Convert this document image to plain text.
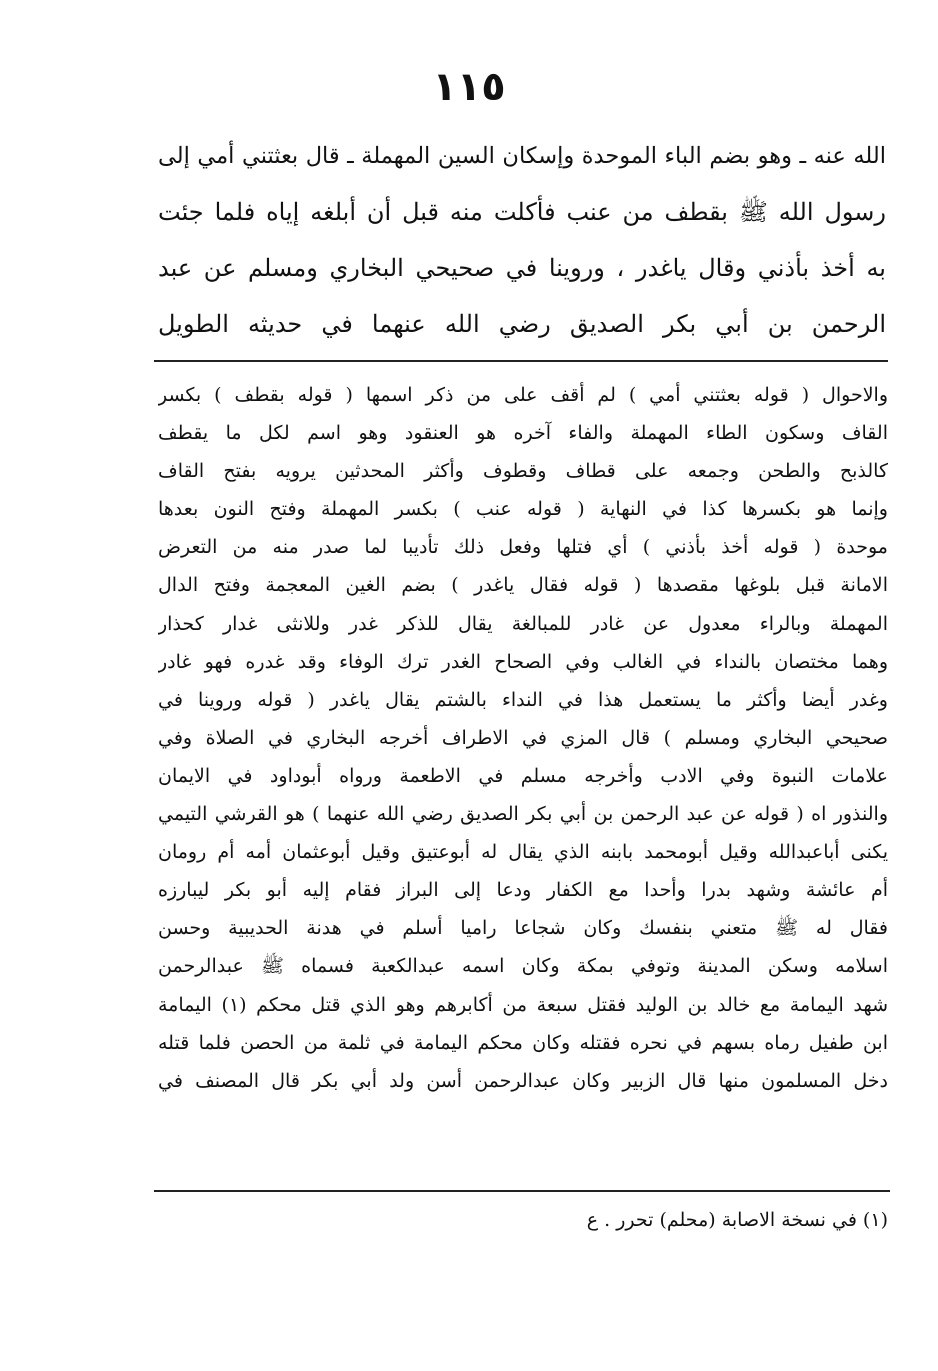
١١٥
الله عنه ـ وهو بضم الباء الموحدة وإسكان السين المهملة ـ قال بعثتني أمي إلى
رسول الله ﷺ بقطف من عنب فأكلت منه قبل أن أبلغه إياه فلما جئت
به أخذ بأذني وقال ياغدر ، وروينا في صحيحي البخاري ومسلم عن عبد
الرحمن بن أبي بكر الصديق رضي الله عنهما في حديثه الطويل
والاحوال ( قوله بعثتني أمي ) لم أقف على من ذكر اسمها ( قوله بقطف ) بكسر
القاف وسكون الطاء المهملة والفاء آخره هو العنقود وهو اسم لكل ما يقطف
كالذبح والطحن وجمعه على قطاف وقطوف وأكثر المحدثين يرويه بفتح القاف
وإنما هو بكسرها كذا في النهاية ( قوله عنب ) بكسر المهملة وفتح النون بعدها
موحدة ( قوله أخذ بأذني ) أي فتلها وفعل ذلك تأديبا لما صدر منه من التعرض
الامانة قبل بلوغها مقصدها ( قوله فقال ياغدر ) بضم الغين المعجمة وفتح الدال
المهملة وبالراء معدول عن غادر للمبالغة يقال للذكر غدر وللانثى غدار كحذار
وهما مختصان بالنداء في الغالب وفي الصحاح الغدر ترك الوفاء وقد غدره فهو غادر
وغدر أيضا وأكثر ما يستعمل هذا في النداء بالشتم يقال ياغدر ( قوله وروينا في
صحيحي البخاري ومسلم ) قال المزي في الاطراف أخرجه البخاري في الصلاة وفي
علامات النبوة وفي الادب وأخرجه مسلم في الاطعمة ورواه أبوداود في الايمان
والنذور اه ( قوله عن عبد الرحمن بن أبي بكر الصديق رضي الله عنهما ) هو القرشي التيمي
يكنى أباعبدالله وقيل أبومحمد بابنه الذي يقال له أبوعتيق وقيل أبوعثمان أمه أم رومان
أم عائشة وشهد بدرا وأحدا مع الكفار ودعا إلى البراز فقام إليه أبو بكر ليبارزه
فقال له ﷺ متعني بنفسك وكان شجاعا راميا أسلم في هدنة الحديبية وحسن
اسلامه وسكن المدينة وتوفي بمكة وكان اسمه عبدالكعبة فسماه ﷺ عبدالرحمن
شهد اليمامة مع خالد بن الوليد فقتل سبعة من أكابرهم وهو الذي قتل محكم (١) اليمامة
ابن طفيل رماه بسهم في نحره فقتله وكان محكم اليمامة في ثلمة من الحصن فلما قتله
دخل المسلمون منها قال الزبير وكان عبدالرحمن أسن ولد أبي بكر قال المصنف في
(١) في نسخة الاصابة (محلم) تحرر . ع
